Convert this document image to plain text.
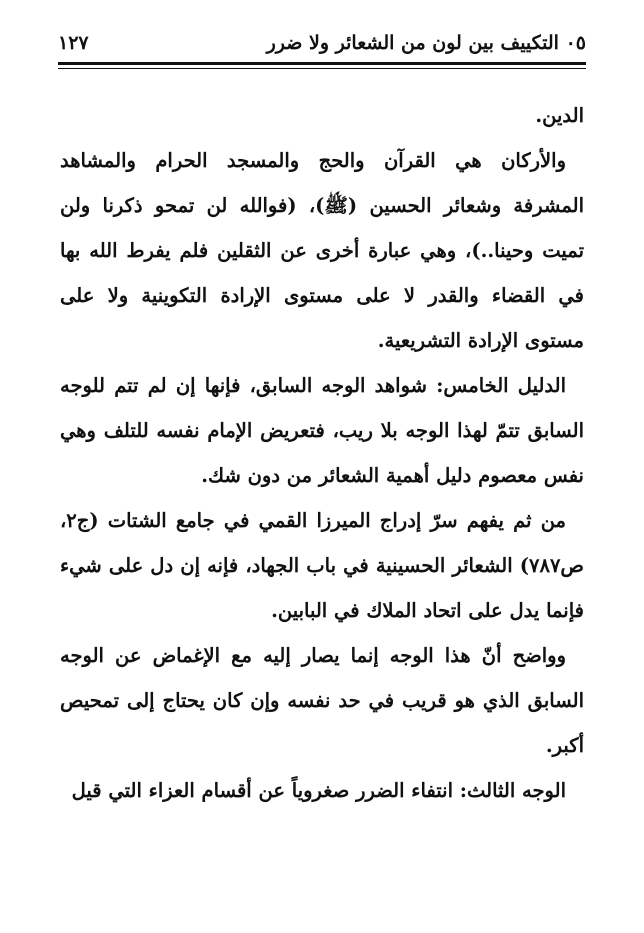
٠٥ التكييف بين لون من الشعائر ولا ضرر
١٢٧

الدين.

والأركان هي القرآن والحج والمسجد الحرام والمشاهد المشرفة وشعائر الحسين (ﷺ)، (فوالله لن تمحو ذكرنا ولن تميت وحينا..)، وهي عبارة أخرى عن الثقلين فلم يفرط الله بها في القضاء والقدر لا على مستوى الإرادة التكوينية ولا على مستوى الإرادة التشريعية.

الدليل الخامس: شواهد الوجه السابق، فإنها إن لم تتم للوجه السابق تتمّ لهذا الوجه بلا ريب، فتعريض الإمام نفسه للتلف وهي نفس معصوم دليل أهمية الشعائر من دون شك.

من ثم يفهم سرّ إدراج الميرزا القمي في جامع الشتات (ج٢، ص٧٨٧) الشعائر الحسينية في باب الجهاد، فإنه إن دل على شيء فإنما يدل على اتحاد الملاك في البابين.

وواضح أنّ هذا الوجه إنما يصار إليه مع الإغماض عن الوجه السابق الذي هو قريب في حد نفسه وإن كان يحتاج إلى تمحيص أكبر.

الوجه الثالث: انتفاء الضرر صغروياً عن أقسام العزاء التي قيل
